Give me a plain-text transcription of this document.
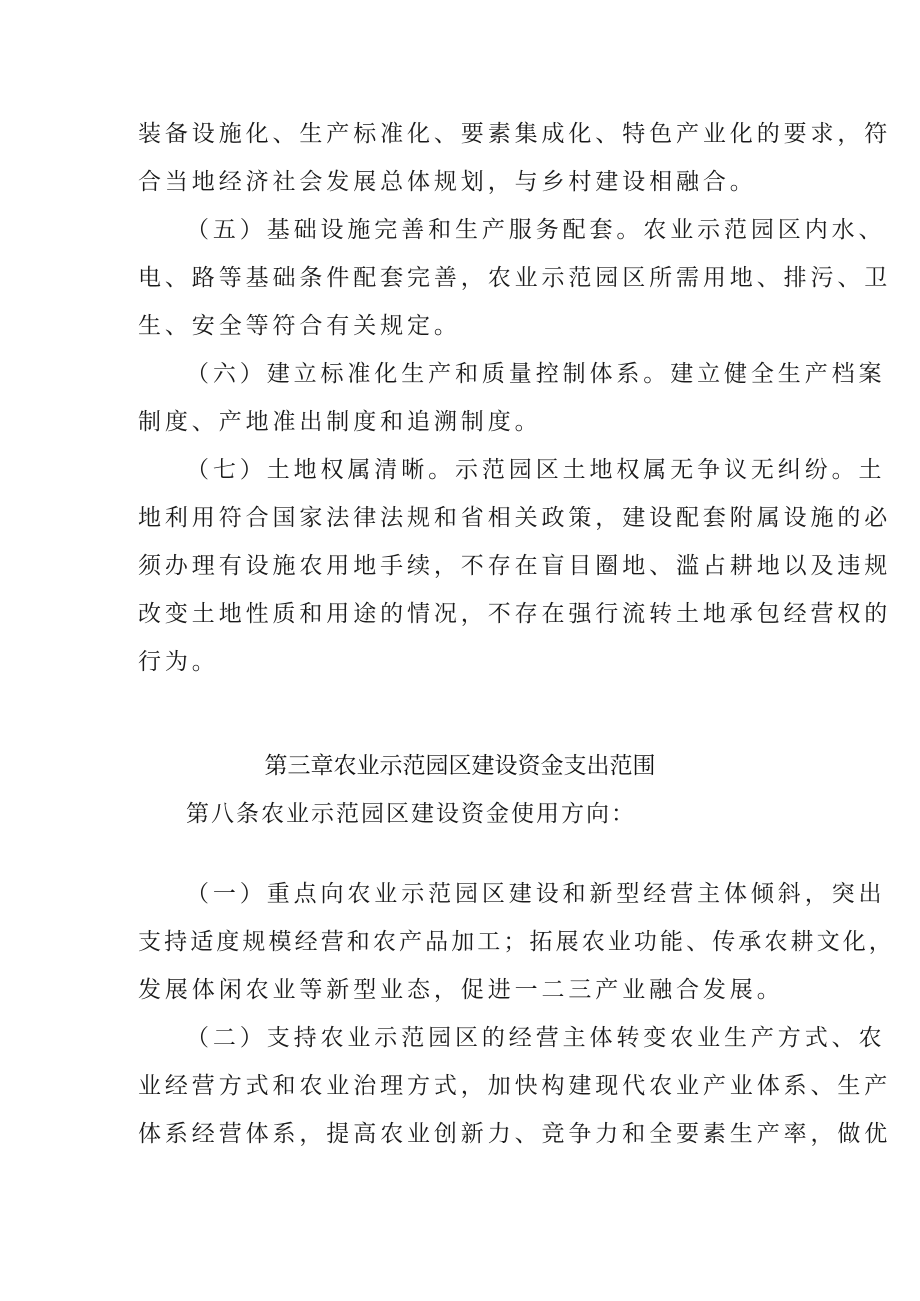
装备设施化、生产标准化、要素集成化、特色产业化的要求，符
合当地经济社会发展总体规划，与乡村建设相融合。
（五）基础设施完善和生产服务配套。农业示范园区内水、
电、路等基础条件配套完善，农业示范园区所需用地、排污、卫
生、安全等符合有关规定。
（六）建立标准化生产和质量控制体系。建立健全生产档案
制度、产地准出制度和追溯制度。
（七）土地权属清晰。示范园区土地权属无争议无纠纷。土
地利用符合国家法律法规和省相关政策，建设配套附属设施的必
须办理有设施农用地手续，不存在盲目圈地、滥占耕地以及违规
改变土地性质和用途的情况，不存在强行流转土地承包经营权的
行为。
第三章农业示范园区建设资金支出范围
第八条农业示范园区建设资金使用方向：
（一）重点向农业示范园区建设和新型经营主体倾斜，突出
支持适度规模经营和农产品加工；拓展农业功能、传承农耕文化，
发展体闲农业等新型业态，促进一二三产业融合发展。
（二）支持农业示范园区的经营主体转变农业生产方式、农
业经营方式和农业治理方式，加快构建现代农业产业体系、生产
体系经营体系，提高农业创新力、竞争力和全要素生产率，做优
